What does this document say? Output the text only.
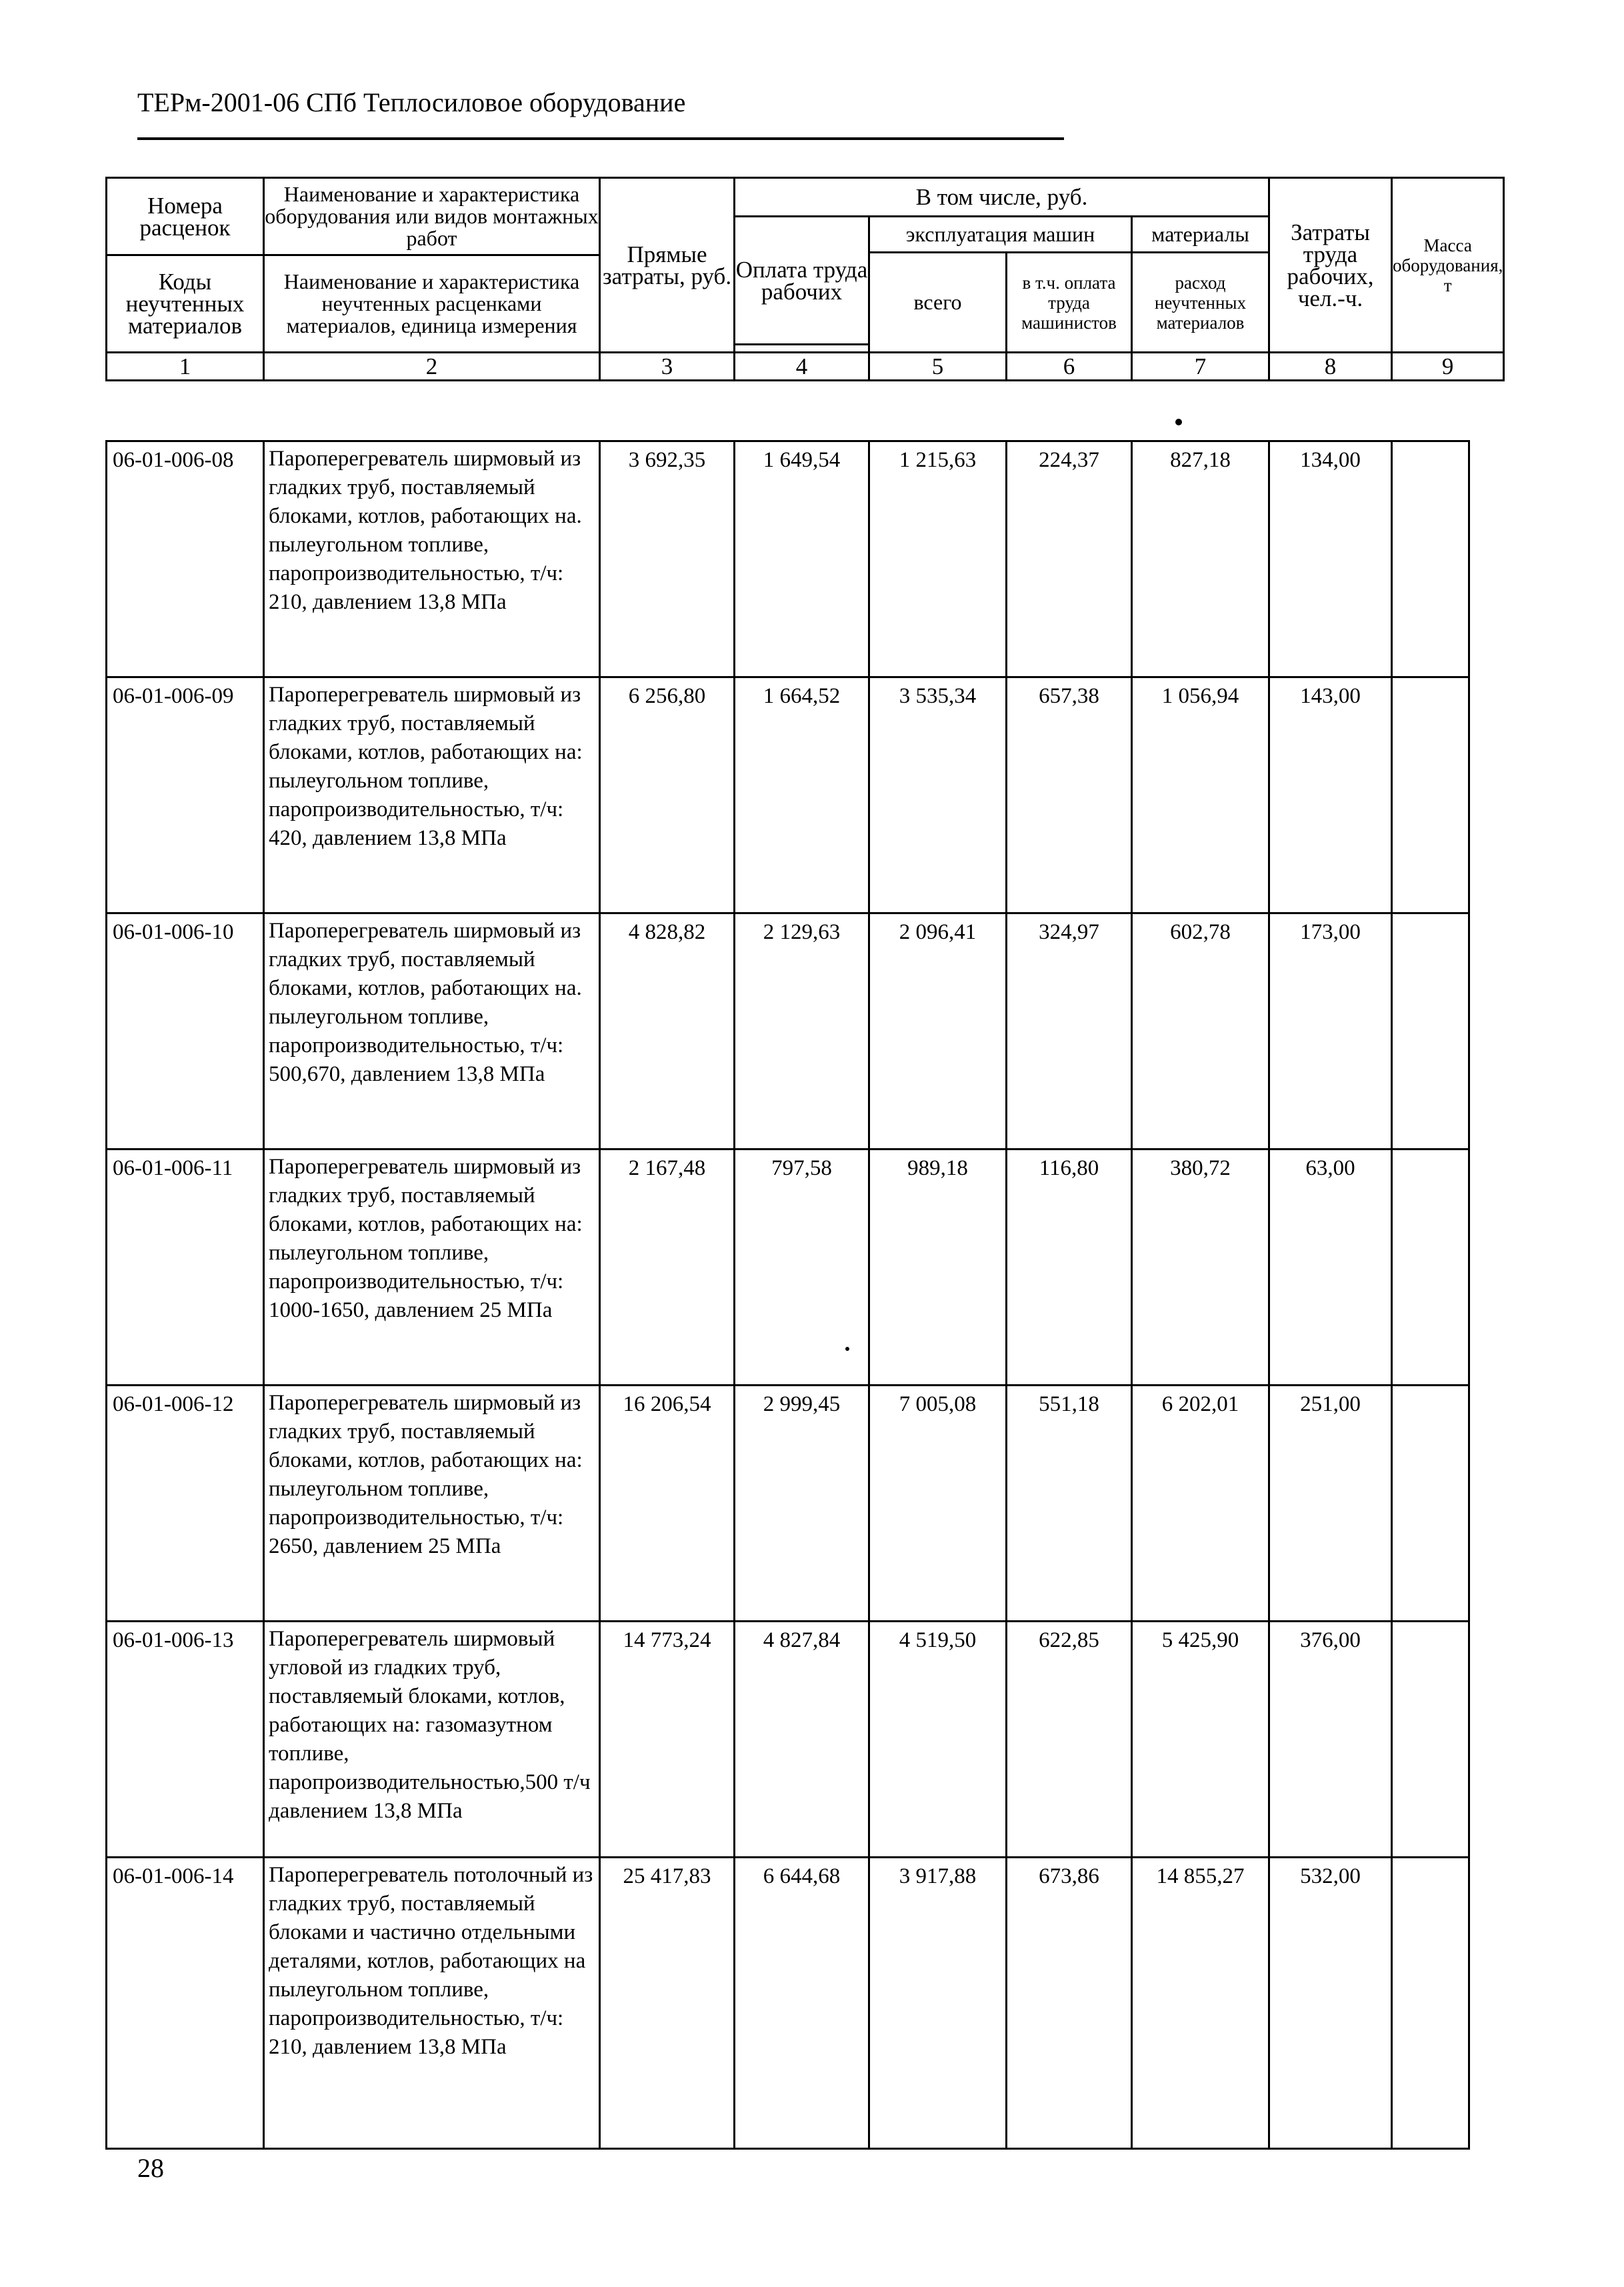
ТЕРм-2001-06 СПб Теплосиловое оборудование
Номера расценок	Наименование и характеристика оборудования или видов монтажных работ	Прямые затраты, руб.	В том числе, руб.				Затраты труда рабочих, чел.-ч.	Масса оборудования, т
			Оплата труда рабочих	эксплуатация машин		материалы		
				всего	в т.ч. оплата труда машинистов	расход неучтенных материалов		
Коды неучтенных материалов	Наименование и характеристика неучтенных расценками материалов, единица измерения							

1	2	3	4	5	6	7	8	9
06-01-006-08	Пароперегреватель ширмовый из гладких труб, поставляемый блоками, котлов, работающих на. пылеугольном топливе, паропроизводительностью, т/ч: 210, давлением 13,8 МПа	3 692,35	1 649,54	1 215,63	224,37	827,18	134,00	
06-01-006-09	Пароперегреватель ширмовый из гладких труб, поставляемый блоками, котлов, работающих на: пылеугольном топливе, паропроизводительностью, т/ч: 420, давлением 13,8 МПа	6 256,80	1 664,52	3 535,34	657,38	1 056,94	143,00	
06-01-006-10	Пароперегреватель ширмовый из гладких труб, поставляемый блоками, котлов, работающих на. пылеугольном топливе, паропроизводительностью, т/ч: 500,670, давлением 13,8 МПа	4 828,82	2 129,63	2 096,41	324,97	602,78	173,00	
06-01-006-11	Пароперегреватель ширмовый из гладких труб, поставляемый блоками, котлов, работающих на: пылеугольном топливе, паропроизводительностью, т/ч: 1000-1650, давлением 25 МПа	2 167,48	797,58	989,18	116,80	380,72	63,00	
06-01-006-12	Пароперегреватель ширмовый из гладких труб, поставляемый блоками, котлов, работающих на: пылеугольном топливе, паропроизводительностью, т/ч: 2650, давлением 25 МПа	16 206,54	2 999,45	7 005,08	551,18	6 202,01	251,00	
06-01-006-13	Пароперегреватель ширмовый угловой из гладких труб, поставляемый блоками, котлов, работающих на: газомазутном топливе, паропроизводительностью,500 т/ч давлением 13,8 МПа	14 773,24	4 827,84	4 519,50	622,85	5 425,90	376,00	
06-01-006-14	Пароперегреватель потолочный из гладких труб, поставляемый блоками и частично отдельными деталями, котлов, работающих на пылеугольном топливе, паропроизводительностью, т/ч: 210, давлением 13,8 МПа	25 417,83	6 644,68	3 917,88	673,86	14 855,27	532,00	
28
